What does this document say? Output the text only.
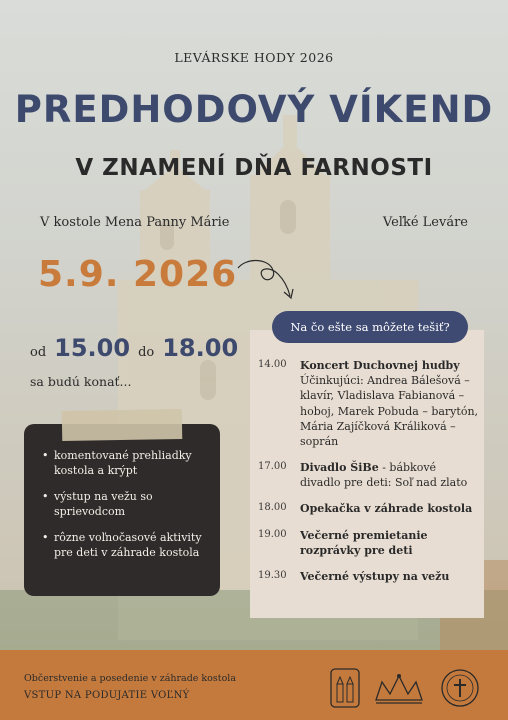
LEVÁRSKE HODY 2026
PREDHODOVÝ VÍKEND
V ZNAMENÍ DŇA FARNOSTI
V kostole Mena Panny Márie	Veľké Leváre
5.9. 2026
od 15.00 do 18.00
sa budú konať...
• komentované prehliadky kostola a krýpt
• výstup na vežu so sprievodcom
• rôzne voľnočasové aktivity pre deti v záhrade kostola
Na čo ešte sa môžete tešiť?
14.00	Koncert Duchovnej hudby
Účinkujúci: Andrea Bálešová – klavír, Vladislava Fabianová – hoboj, Marek Pobuda – barytón, Mária Zajíčková Králiková – soprán
17.00	Divadlo ŠiBe - bábkové divadlo pre deti: Soľ nad zlato
18.00	Opekačka v záhrade kostola
19.00	Večerné premietanie rozprávky pre deti
19.30	Večerné výstupy na vežu
Občerstvenie a posedenie v záhrade kostola
VSTUP NA PODUJATIE VOĽNÝ
